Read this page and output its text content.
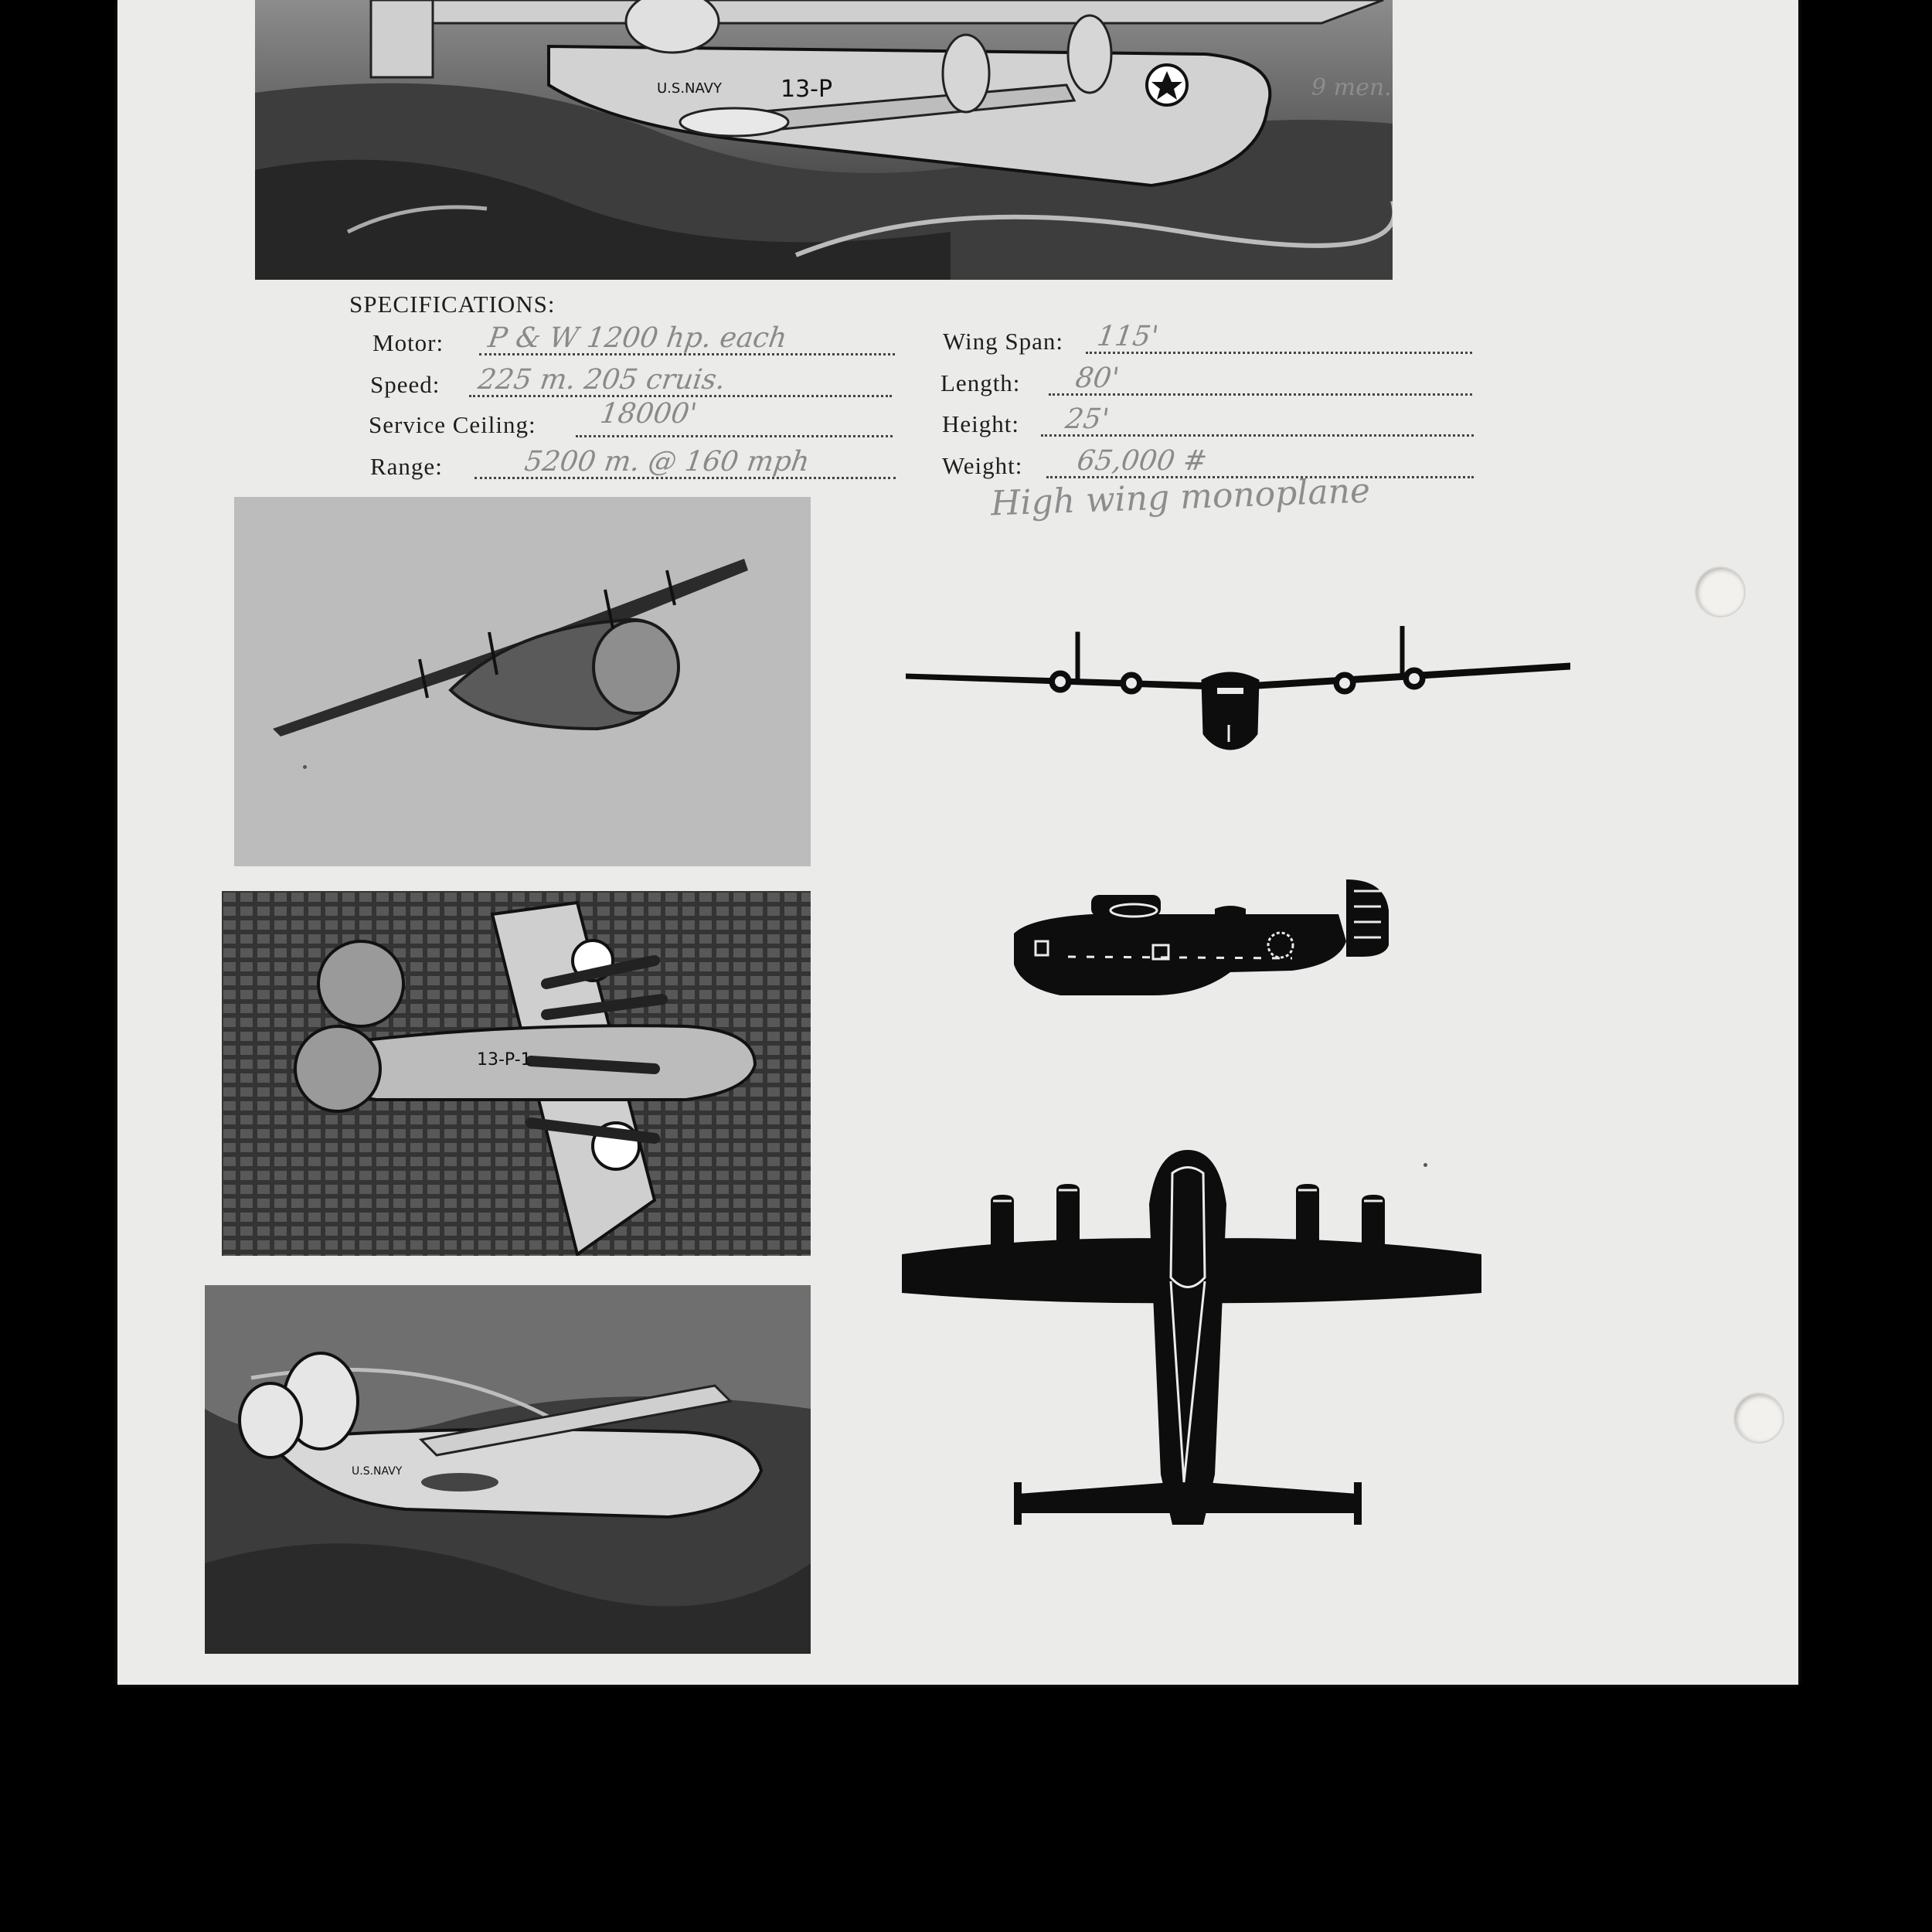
U.S.NAVY	13-P	9 men.
SPECIFICATIONS:
Motor: P & W 1200 hp. each
Speed: 225 m. 205 cruis.
Service Ceiling: 18000'
Range:	5200 m. @ 160 mph
Wing Span: 115'
Length: 80'
Height: 25'
Weight: 65,000 #
High wing monoplane
13-P-1
U.S.NAVY
